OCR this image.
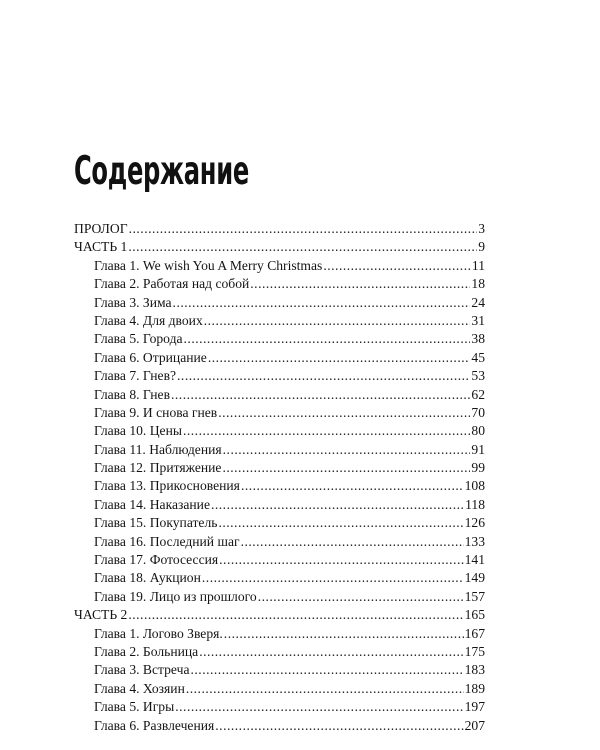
Содержание
ПРОЛОГ .....	3
ЧАСТЬ 1 .....	9
Глава 1. We wish You A Merry Christmas .....	11
Глава 2. Работая над собой .....	18
Глава 3. Зима .....	24
Глава 4. Для двоих .....	31
Глава 5. Города .....	38
Глава 6. Отрицание .....	45
Глава 7. Гнев? .....	53
Глава 8. Гнев .....	62
Глава 9. И снова гнев .....	70
Глава 10. Цены .....	80
Глава 11. Наблюдения .....	91
Глава 12. Притяжение .....	99
Глава 13. Прикосновения .....	108
Глава 14. Наказание .....	118
Глава 15. Покупатель .....	126
Глава 16. Последний шаг .....	133
Глава 17. Фотосессия .....	141
Глава 18. Аукцион .....	149
Глава 19. Лицо из прошлого .....	157
ЧАСТЬ 2 .....	165
Глава 1. Логово Зверя. .....	167
Глава 2. Больница .....	175
Глава 3. Встреча .....	183
Глава 4. Хозяин .....	189
Глава 5. Игры .....	197
Глава 6. Развлечения .....	207
